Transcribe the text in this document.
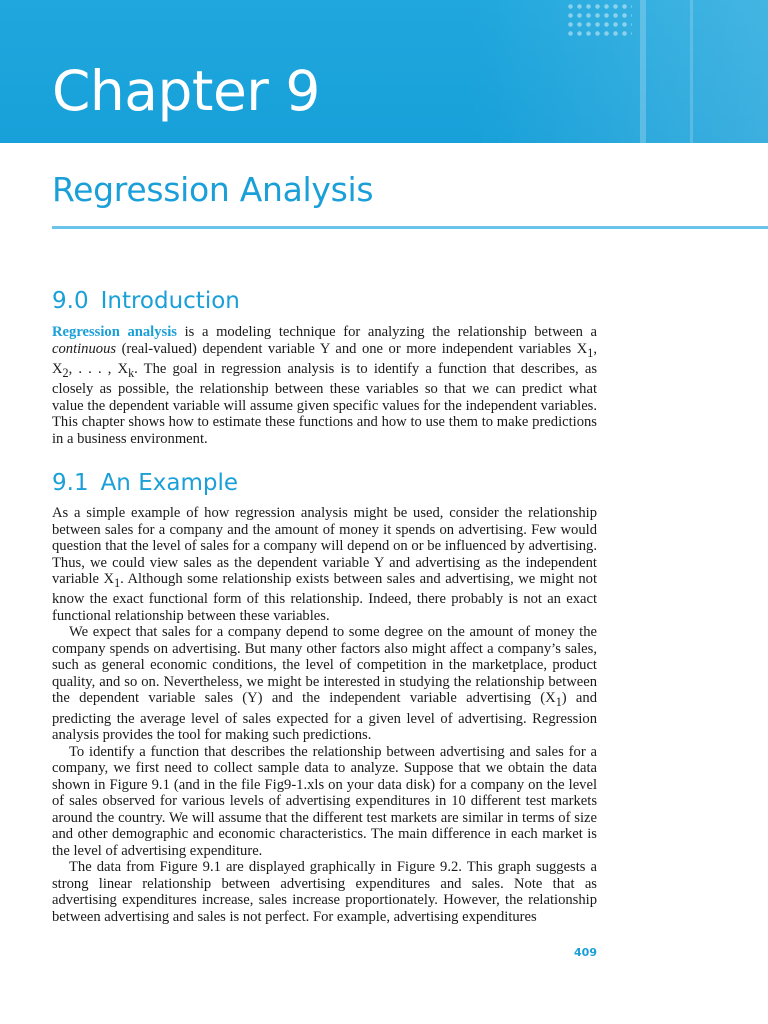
Chapter 9
Regression Analysis
9.0 Introduction

Regression analysis is a modeling technique for analyzing the relationship between a continuous (real-valued) dependent variable Y and one or more independent variables $X_1$, $X_2$, . . . , $X_k$. The goal in regression analysis is to identify a function that describes, as closely as possible, the relationship between these variables so that we can predict what value the dependent variable will assume given specific values for the independent variables. This chapter shows how to estimate these functions and how to use them to make predictions in a business environment.

9.1 An Example

As a simple example of how regression analysis might be used, consider the relationship between sales for a company and the amount of money it spends on advertising. Few would question that the level of sales for a company will depend on or be influenced by advertising. Thus, we could view sales as the dependent variable Y and advertising as the independent variable $X_1$. Although some relationship exists between sales and advertising, we might not know the exact functional form of this relationship. Indeed, there probably is not an exact functional relationship between these variables.

We expect that sales for a company depend to some degree on the amount of money the company spends on advertising. But many other factors also might affect a company’s sales, such as general economic conditions, the level of competition in the marketplace, product quality, and so on. Nevertheless, we might be interested in studying the relationship between the dependent variable sales (Y) and the independent variable advertising $(X_1)$ and predicting the average level of sales expected for a given level of advertising. Regression analysis provides the tool for making such predictions.

To identify a function that describes the relationship between advertising and sales for a company, we first need to collect sample data to analyze. Suppose that we obtain the data shown in Figure 9.1 (and in the file Fig9-1.xls on your data disk) for a company on the level of sales observed for various levels of advertising expenditures in 10 different test markets around the country. We will assume that the different test markets are similar in terms of size and other demographic and economic characteristics. The main difference in each market is the level of advertising expenditure.

The data from Figure 9.1 are displayed graphically in Figure 9.2. This graph suggests a strong linear relationship between advertising expenditures and sales. Note that as advertising expenditures increase, sales increase proportionately. However, the relationship between advertising and sales is not perfect. For example, advertising expenditures

409
